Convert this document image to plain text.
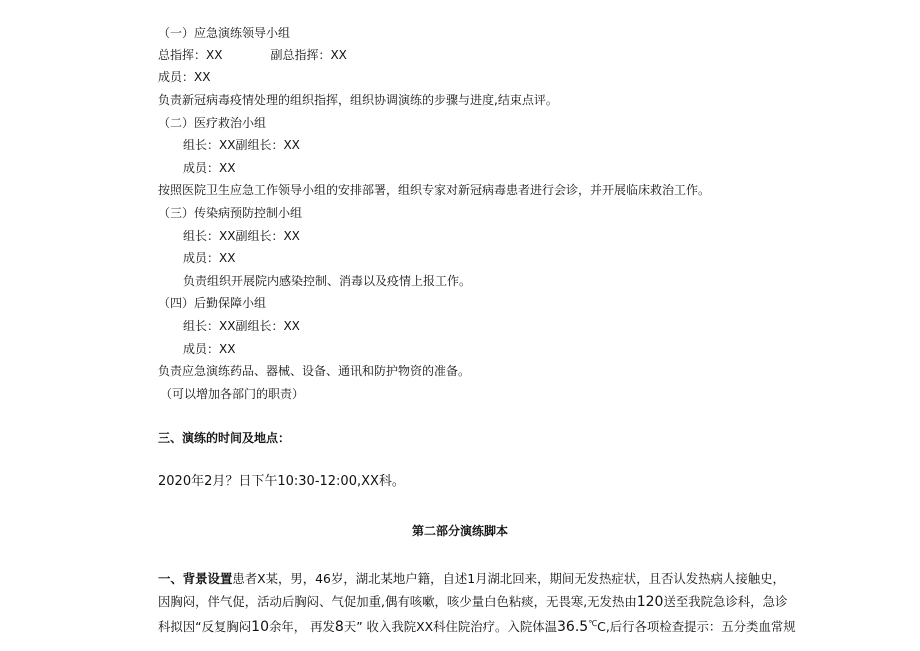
（一）应急演练领导小组
总指挥：XX	副总指挥：XX
成员：XX
负责新冠病毒疫情处理的组织指挥，组织协调演练的步骤与进度,结束点评。
（二）医疗救治小组
组长：XX副组长：XX
成员：XX
按照医院卫生应急工作领导小组的安排部署，组织专家对新冠病毒患者进行会诊，并开展临床救治工作。
（三）传染病预防控制小组
组长：XX副组长：XX
成员：XX
负责组织开展院内感染控制、消毒以及疫情上报工作。
（四）后勤保障小组
组长：XX副组长：XX
成员：XX
负责应急演练药品、器械、设备、通讯和防护物资的准备。
（可以增加各部门的职责）
三、演练的时间及地点：
2020年2月？日下午10:30-12:00,XX科。
第二部分演练脚本
一、背景设置患者X某，男，46岁，湖北某地户籍，自述1月湖北回来，期间无发热症状，且否认发热病人接触史，
因胸闷，伴气促，活动后胸闷、气促加重,偶有咳嗽，咳少量白色粘痰，无畏寒,无发热由120送至我院急诊科，急诊
科拟因“反复胸闷10余年， 再发8天” 收入我院XX科住院治疗。入院体温36.5℃C,后行各项检查提示：五分类血常规
